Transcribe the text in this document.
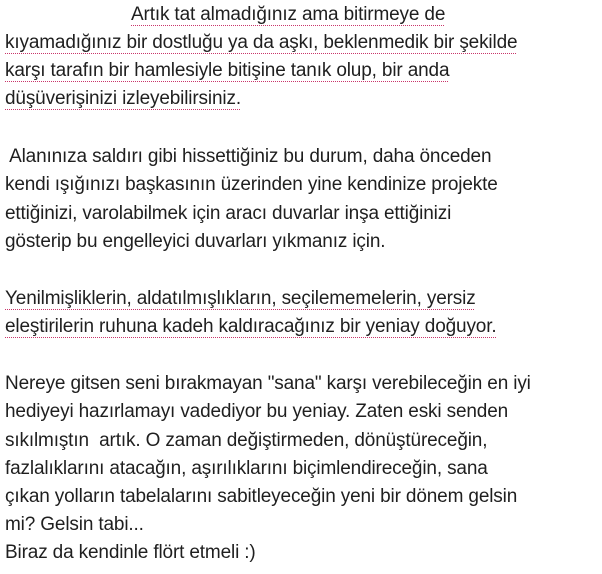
Artık tat almadığınız ama bitirmeye de
kıyamadığınız bir dostluğu ya da aşkı, beklenmedik bir şekilde
karşı tarafın bir hamlesiyle bitişine tanık olup, bir anda
düşüverişinizi izleyebilirsiniz.
Alanınıza saldırı gibi hissettiğiniz bu durum, daha önceden
kendi ışığınızı başkasının üzerinden yine kendinize projekte
ettiğinizi, varolabilmek için aracı duvarlar inşa ettiğinizi
gösterip bu engelleyici duvarları yıkmanız için.
Yenilmişliklerin, aldatılmışlıkların, seçilememelerin, yersiz
eleştirilerin ruhuna kadeh kaldıracağınız bir yeniay doğuyor.
Nereye gitsen seni bırakmayan "sana" karşı verebileceğin en iyi
hediyeyi hazırlamayı vadediyor bu yeniay. Zaten eski senden
sıkılmıştın  artık. O zaman değiştirmeden, dönüştüreceğin,
fazlalıklarını atacağın, aşırılıklarını biçimlendireceğin, sana
çıkan yolların tabelalarını sabitleyeceğin yeni bir dönem gelsin
mi? Gelsin tabi...
Biraz da kendinle flört etmeli :)
